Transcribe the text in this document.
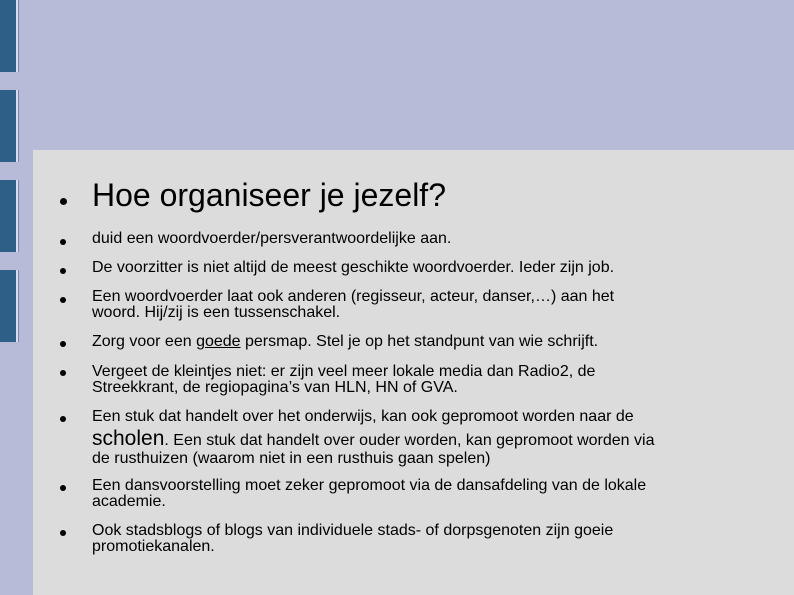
Hoe organiseer je jezelf?
duid een woordvoerder/persverantwoordelijke aan.
De voorzitter is niet altijd de meest geschikte woordvoerder. Ieder zijn job.
Een woordvoerder laat ook anderen (regisseur, acteur, danser,…) aan het
woord. Hij/zij is een tussenschakel.
Zorg voor een goede persmap. Stel je op het standpunt van wie schrijft.
Vergeet de kleintjes niet: er zijn veel meer lokale media dan Radio2, de
Streekkrant, de regiopagina’s van HLN, HN of GVA.
Een stuk dat handelt over het onderwijs, kan ook gepromoot worden naar de
scholen. Een stuk dat handelt over ouder worden, kan gepromoot worden via
de rusthuizen (waarom niet in een rusthuis gaan spelen)
Een dansvoorstelling moet zeker gepromoot via de dansafdeling van de lokale
academie.
Ook stadsblogs of blogs van individuele stads- of dorpsgenoten zijn goeie
promotiekanalen.
